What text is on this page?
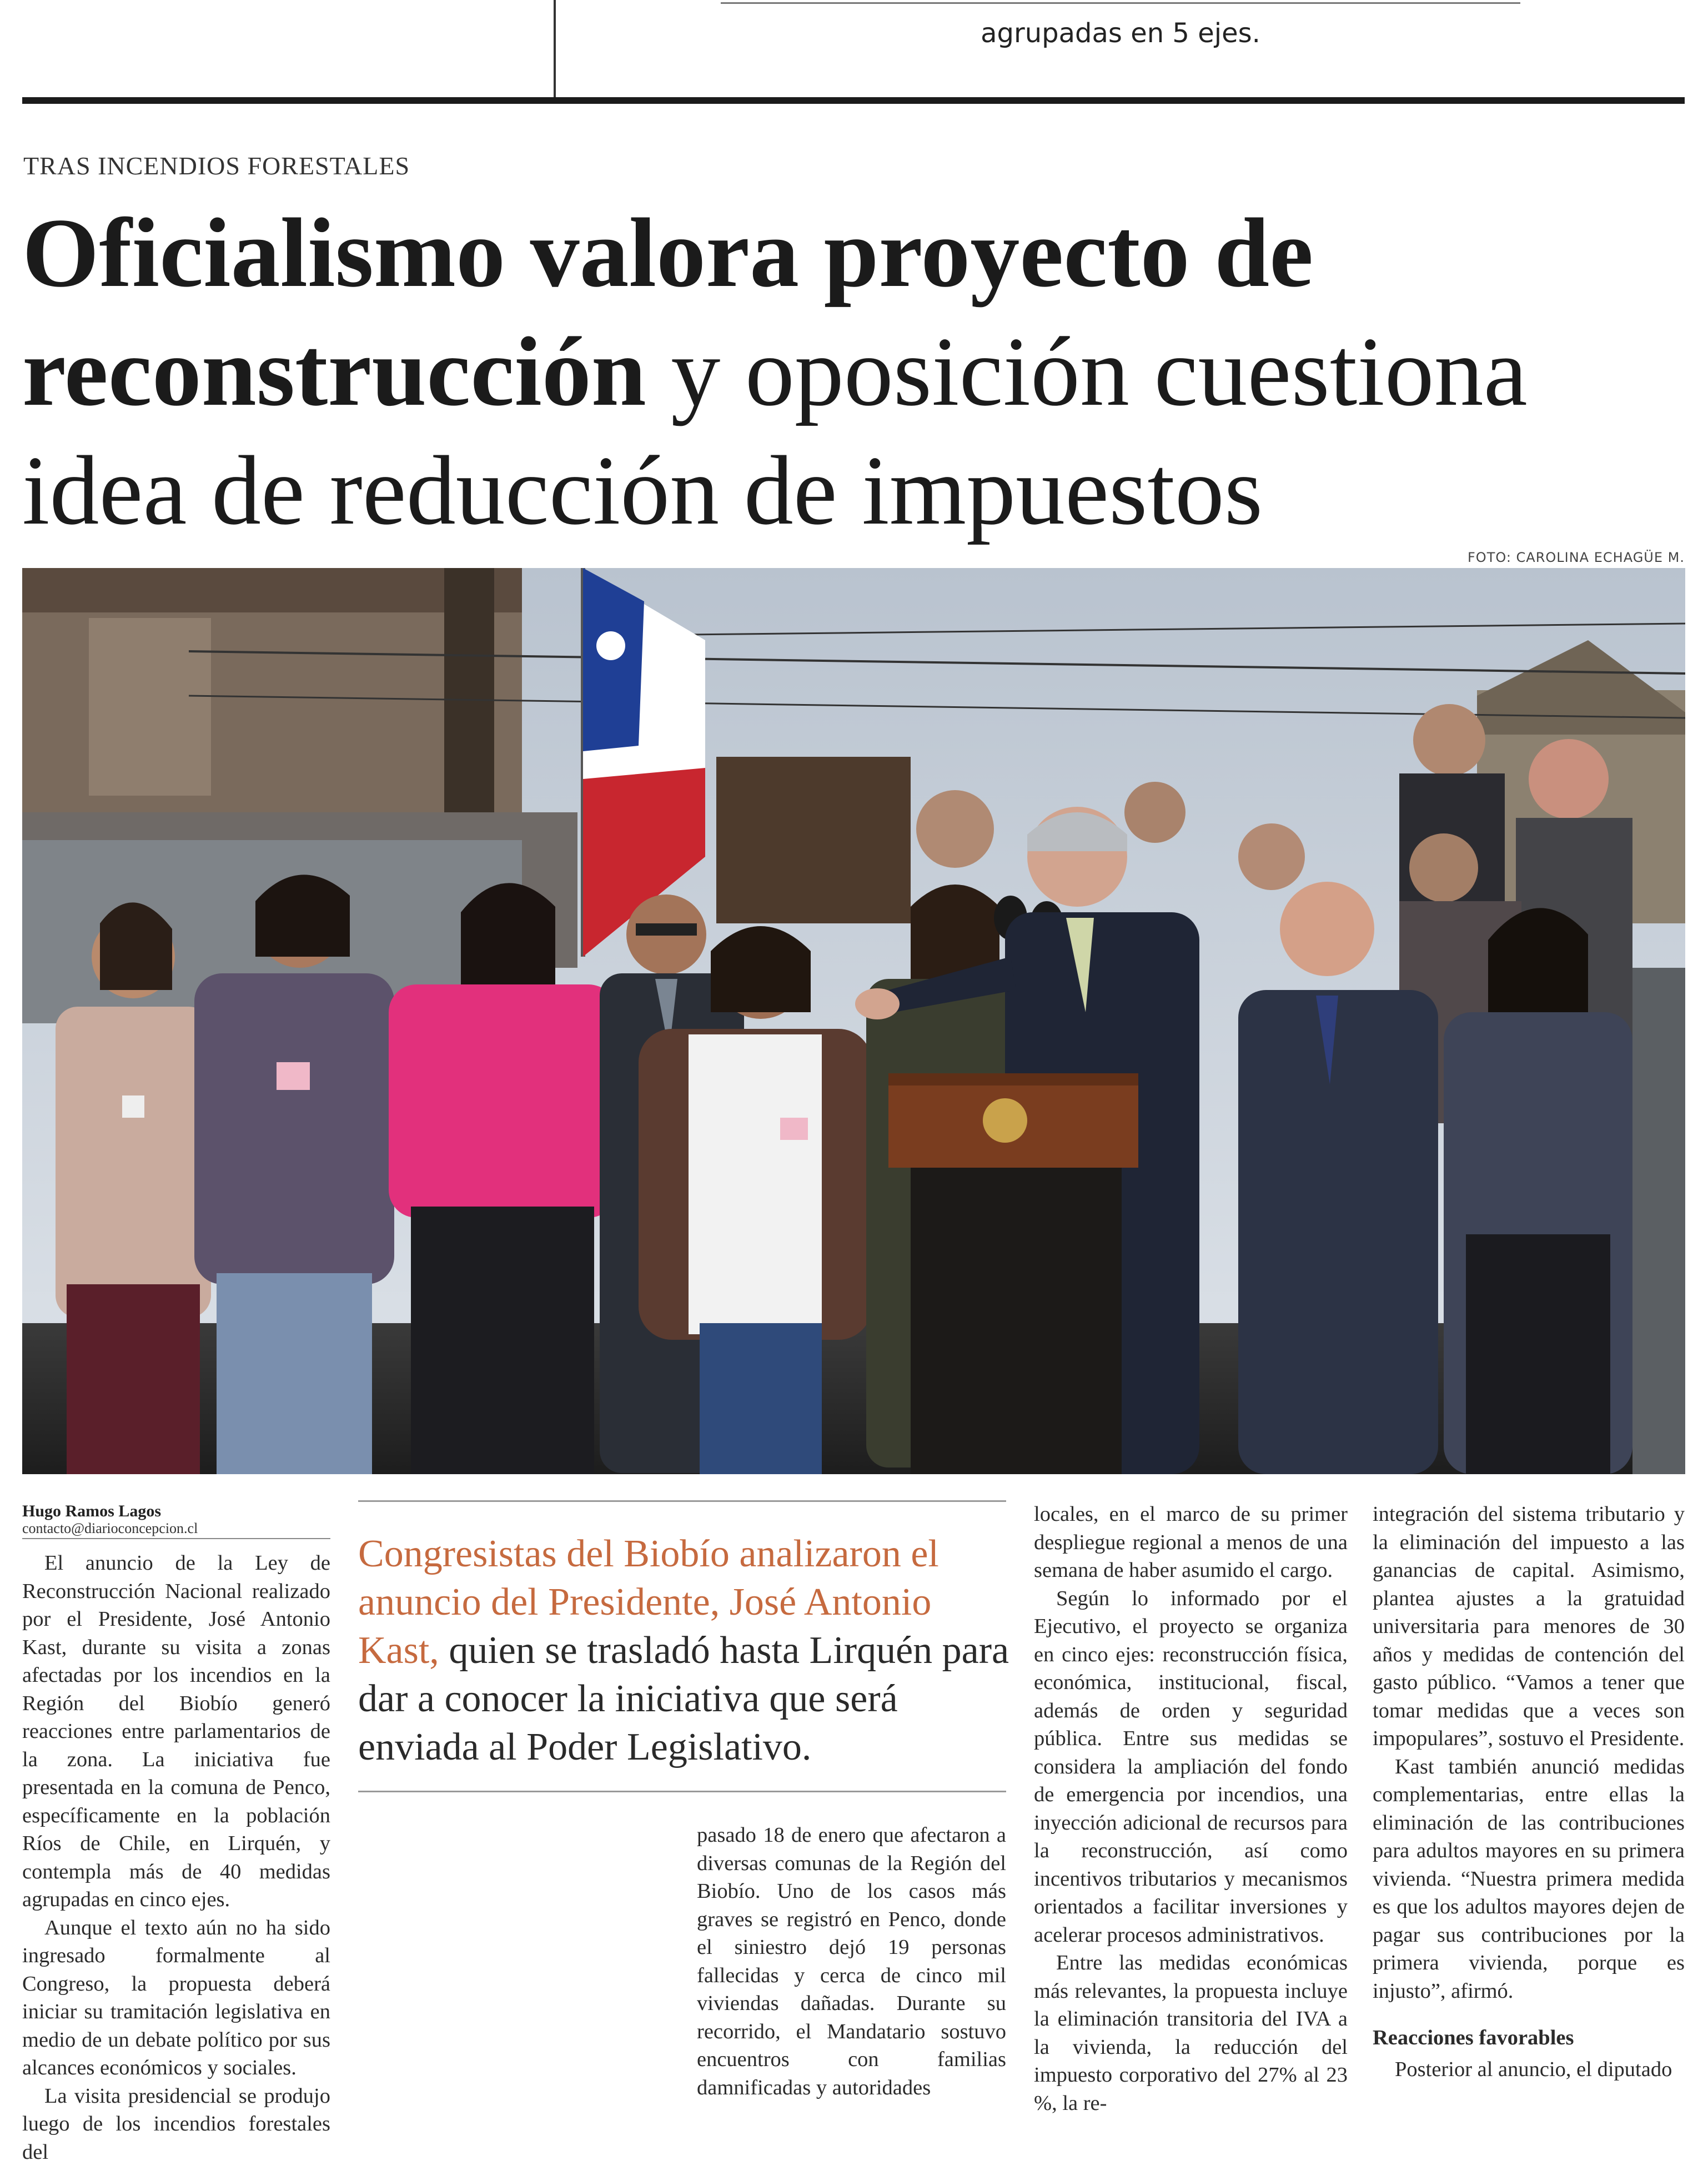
agrupadas en 5 ejes.
TRAS INCENDIOS FORESTALES
Oficialismo valora proyecto de reconstrucción y oposición cuestiona idea de reducción de impuestos
FOTO: CAROLINA ECHAGÜE M.
Hugo Ramos Lagos
contacto@diarioconcepcion.cl

El anuncio de la Ley de Reconstrucción Nacional realizado por el Presidente, José Antonio Kast, durante su visita a zonas afectadas por los incendios en la Región del Biobío generó reacciones entre parlamentarios de la zona. La iniciativa fue presentada en la comuna de Penco, específicamente en la población Ríos de Chile, en Lirquén, y contempla más de 40 medidas agrupadas en cinco ejes.

Aunque el texto aún no ha sido ingresado formalmente al Congreso, la propuesta deberá iniciar su tramitación legislativa en medio de un debate político por sus alcances económicos y sociales.

La visita presidencial se produjo luego de los incendios forestales del

Congresistas del Biobío analizaron el anuncio del Presidente, José Antonio Kast, quien se trasladó hasta Lirquén para dar a conocer la iniciativa que será enviada al Poder Legislativo.

pasado 18 de enero que afectaron a diversas comunas de la Región del Biobío. Uno de los casos más graves se registró en Penco, donde el siniestro dejó 19 personas fallecidas y cerca de cinco mil viviendas dañadas. Durante su recorrido, el Mandatario sostuvo encuentros con familias damnificadas y autoridades

locales, en el marco de su primer despliegue regional a menos de una semana de haber asumido el cargo.

Según lo informado por el Ejecutivo, el proyecto se organiza en cinco ejes: reconstrucción física, económica, institucional, fiscal, además de orden y seguridad pública. Entre sus medidas se considera la ampliación del fondo de emergencia por incendios, una inyección adicional de recursos para la reconstrucción, así como incentivos tributarios y mecanismos orientados a facilitar inversiones y acelerar procesos administrativos.

Entre las medidas económicas más relevantes, la propuesta incluye la eliminación transitoria del IVA a la vivienda, la reducción del impuesto corporativo del 27% al 23 %, la re-

integración del sistema tributario y la eliminación del impuesto a las ganancias de capital. Asimismo, plantea ajustes a la gratuidad universitaria para menores de 30 años y medidas de contención del gasto público. “Vamos a tener que tomar medidas que a veces son impopulares”, sostuvo el Presidente.

Kast también anunció medidas complementarias, entre ellas la eliminación de las contribuciones para adultos mayores en su primera vivienda. “Nuestra primera medida es que los adultos mayores dejen de pagar sus contribuciones por la primera vivienda, porque es injusto”, afirmó.

Reacciones favorables

Posterior al anuncio, el diputado
